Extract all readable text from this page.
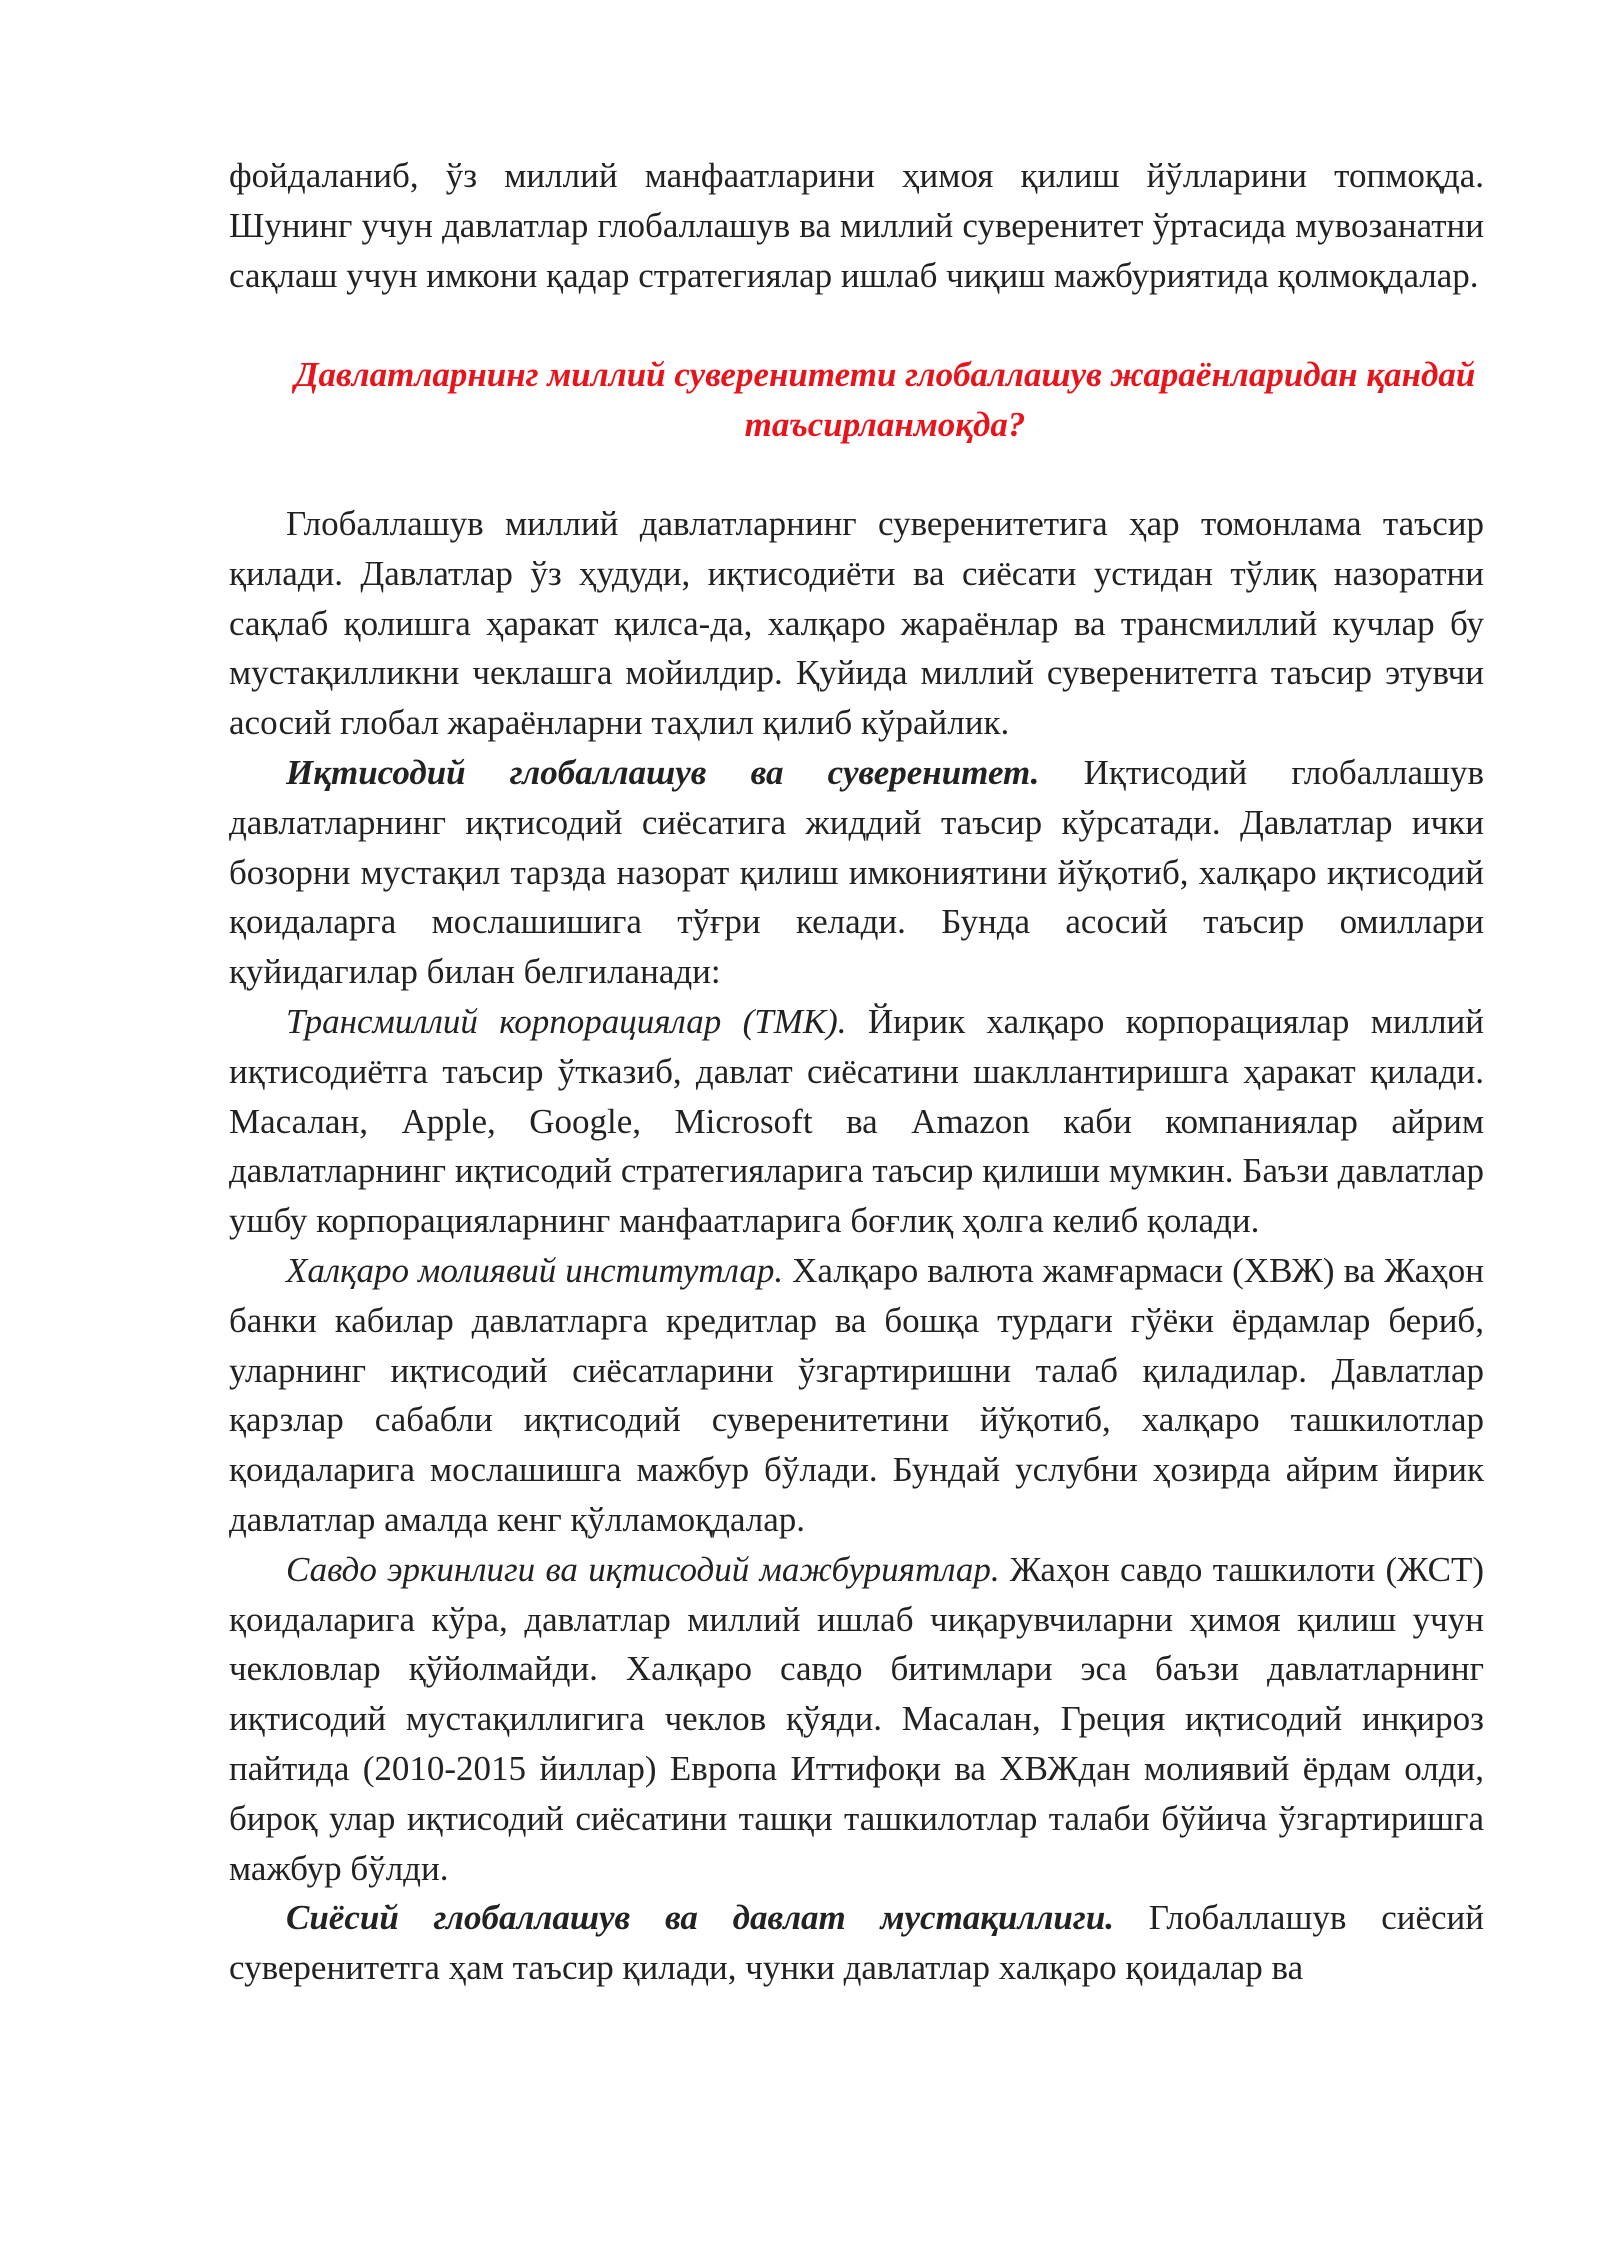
фойдаланиб, ўз миллий манфаатларини ҳимоя қилиш йўлларини топмоқда. Шунинг учун давлатлар глобаллашув ва миллий суверенитет ўртасида мувозанатни сақлаш учун имкони қадар стратегиялар ишлаб чиқиш мажбуриятида қолмоқдалар.

Давлатларнинг миллий суверенитети глобаллашув жараёнларидан қандай таъсирланмоқда?

Глобаллашув миллий давлатларнинг суверенитетига ҳар томонлама таъсир қилади. Давлатлар ўз ҳудуди, иқтисодиёти ва сиёсати устидан тўлиқ назоратни сақлаб қолишга ҳаракат қилса-да, халқаро жараёнлар ва трансмиллий кучлар бу мустақилликни чеклашга мойилдир. Қуйида миллий суверенитетга таъсир этувчи асосий глобал жараёнларни таҳлил қилиб кўрайлик.

Иқтисодий глобаллашув ва суверенитет. Иқтисодий глобаллашув давлатларнинг иқтисодий сиёсатига жиддий таъсир кўрсатади. Давлатлар ички бозорни мустақил тарзда назорат қилиш имкониятини йўқотиб, халқаро иқтисодий қоидаларга мослашишига тўғри келади. Бунда асосий таъсир омиллари қуйидагилар билан белгиланади:

Трансмиллий корпорациялар (ТМК). Йирик халқаро корпорациялар миллий иқтисодиётга таъсир ўтказиб, давлат сиёсатини шакллантиришга ҳаракат қилади. Масалан, Apple, Google, Microsoft ва Amazon каби компаниялар айрим давлатларнинг иқтисодий стратегияларига таъсир қилиши мумкин. Баъзи давлатлар ушбу корпорацияларнинг манфаатларига боғлиқ ҳолга келиб қолади.

Халқаро молиявий институтлар. Халқаро валюта жамғармаси (ХВЖ) ва Жаҳон банки кабилар давлатларга кредитлар ва бошқа турдаги гўёки ёрдамлар бериб, уларнинг иқтисодий сиёсатларини ўзгартиришни талаб қиладилар. Давлатлар қарзлар сабабли иқтисодий суверенитетини йўқотиб, халқаро ташкилотлар қоидаларига мослашишга мажбур бўлади. Бундай услубни ҳозирда айрим йирик давлатлар амалда кенг қўлламоқдалар.

Савдо эркинлиги ва иқтисодий мажбуриятлар. Жаҳон савдо ташкилоти (ЖСТ) қоидаларига кўра, давлатлар миллий ишлаб чиқарувчиларни ҳимоя қилиш учун чекловлар қўйолмайди. Халқаро савдо битимлари эса баъзи давлатларнинг иқтисодий мустақиллигига чеклов қўяди. Масалан, Греция иқтисодий инқироз пайтида (2010-2015 йиллар) Европа Иттифоқи ва ХВЖдан молиявий ёрдам олди, бироқ улар иқтисодий сиёсатини ташқи ташкилотлар талаби бўйича ўзгартиришга мажбур бўлди.

Сиёсий глобаллашув ва давлат мустақиллиги. Глобаллашув сиёсий суверенитетга ҳам таъсир қилади, чунки давлатлар халқаро қоидалар ва
